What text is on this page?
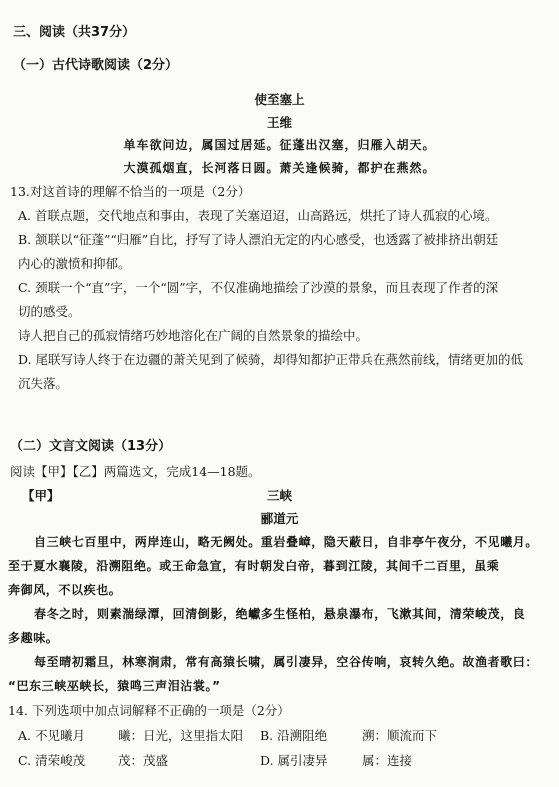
三、阅读（共37分）
（一）古代诗歌阅读（2分）
使至塞上
王维
单车欲问边，属国过居延。征蓬出汉塞，归雁入胡天。
大漠孤烟直，长河落日圆。萧关逢候骑，都护在燕然。
13.对这首诗的理解不恰当的一项是（2分）
A. 首联点题，交代地点和事由，表现了关塞迢迢，山高路远，烘托了诗人孤寂的心境。
B. 颔联以“征蓬”“归雁”自比，抒写了诗人漂泊无定的内心感受，也透露了被排挤出朝廷
内心的激愤和抑郁。
C. 颈联一个“直”字，一个“圆”字，不仅准确地描绘了沙漠的景象，而且表现了作者的深
切的感受。
诗人把自己的孤寂情绪巧妙地溶化在广阔的自然景象的描绘中。
D. 尾联写诗人终于在边疆的萧关见到了候骑，却得知都护正带兵在燕然前线，情绪更加的低
沉失落。
（二）文言文阅读（13分）
阅读【甲】【乙】两篇选文，完成14—18题。
【甲】	三峡
郦道元
自三峡七百里中，两岸连山，略无阙处。重岩叠嶂，隐天蔽日，自非亭午夜分，不见曦月。
至于夏水襄陵，沿溯阻绝。或王命急宣，有时朝发白帝，暮到江陵，其间千二百里，虽乘
奔御风，不以疾也。
春冬之时，则素湍绿潭，回清倒影，绝巘多生怪柏，悬泉瀑布，飞漱其间，清荣峻茂，良
多趣味。
每至晴初霜旦，林寒涧肃，常有高猿长啸，属引凄异，空谷传响，哀转久绝。故渔者歌曰：
“巴东三峡巫峡长，猿鸣三声泪沾裳。”
14. 下列选项中加点词解释不正确的一项是（2分）
A. 不见曦月	曦：日光，这里指太阳 B. 沿溯阻绝	溯：顺流而下
C. 清荣峻茂	茂：茂盛	D. 属引凄异	属：连接
